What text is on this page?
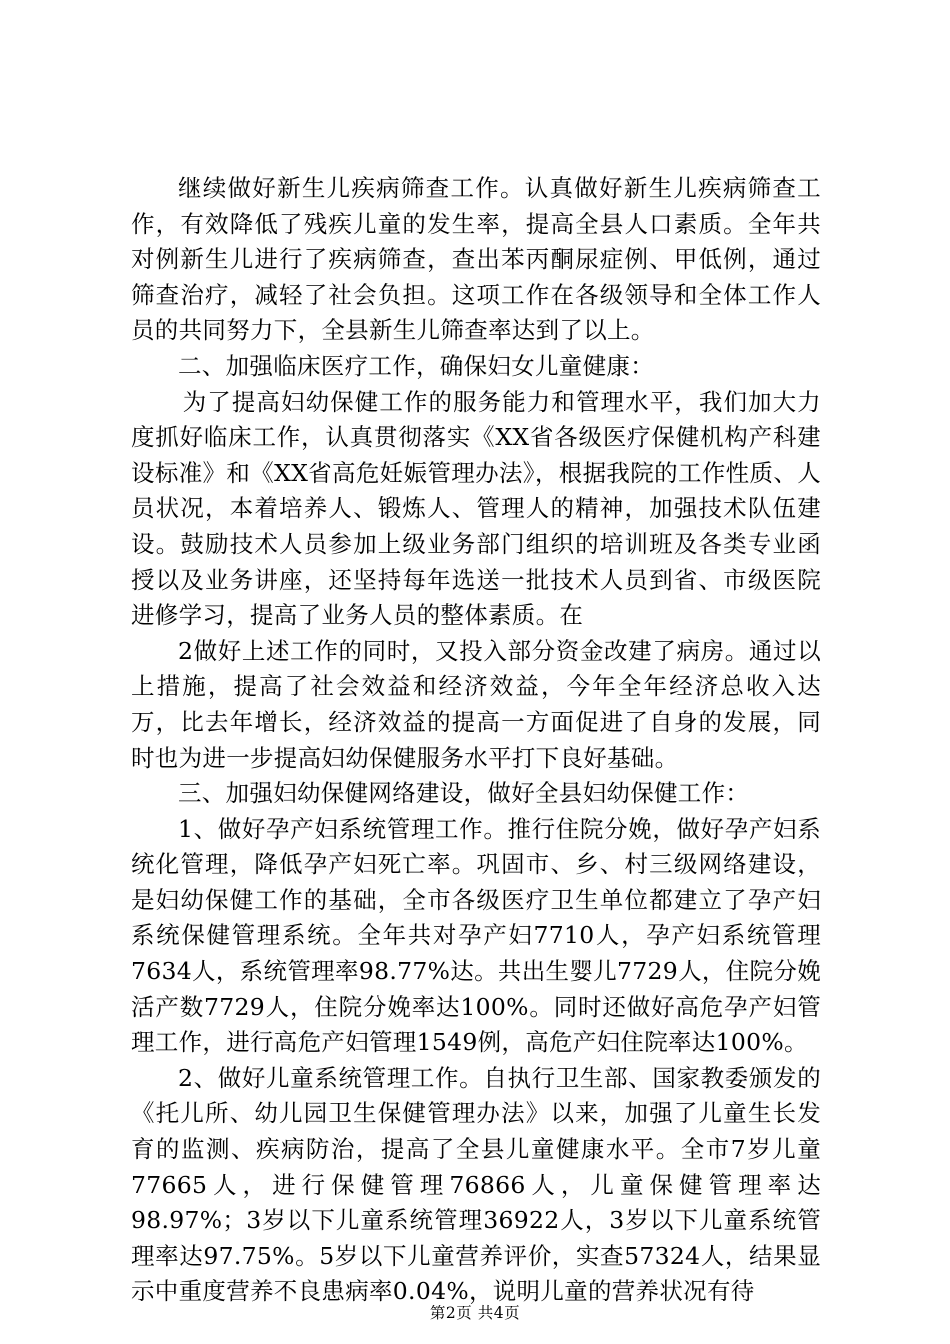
继续做好新生儿疾病筛查工作。认真做好新生儿疾病筛查工作，有效降低了残疾儿童的发生率，提高全县人口素质。全年共对例新生儿进行了疾病筛查，查出苯丙酮尿症例、甲低例，通过筛查治疗，减轻了社会负担。这项工作在各级领导和全体工作人员的共同努力下，全县新生儿筛查率达到了以上。

二、加强临床医疗工作，确保妇女儿童健康：

为了提高妇幼保健工作的服务能力和管理水平，我们加大力度抓好临床工作，认真贯彻落实《XX省各级医疗保健机构产科建设标准》和《XX省高危妊娠管理办法》，根据我院的工作性质、人员状况，本着培养人、锻炼人、管理人的精神，加强技术队伍建设。鼓励技术人员参加上级业务部门组织的培训班及各类专业函授以及业务讲座，还坚持每年选送一批技术人员到省、市级医院进修学习，提高了业务人员的整体素质。在

2做好上述工作的同时，又投入部分资金改建了病房。通过以上措施，提高了社会效益和经济效益，今年全年经济总收入达万，比去年增长，经济效益的提高一方面促进了自身的发展，同时也为进一步提高妇幼保健服务水平打下良好基础。

三、加强妇幼保健网络建设，做好全县妇幼保健工作：

1、做好孕产妇系统管理工作。推行住院分娩，做好孕产妇系统化管理，降低孕产妇死亡率。巩固市、乡、村三级网络建设，是妇幼保健工作的基础，全市各级医疗卫生单位都建立了孕产妇系统保健管理系统。全年共对孕产妇7710人，孕产妇系统管理7634人，系统管理率98.77%达。共出生婴儿7729人，住院分娩活产数7729人，住院分娩率达100%。同时还做好高危孕产妇管理工作，进行高危产妇管理1549例，高危产妇住院率达100%。

2、做好儿童系统管理工作。自执行卫生部、国家教委颁发的《托儿所、幼儿园卫生保健管理办法》以来，加强了儿童生长发育的监测、疾病防治，提高了全县儿童健康水平。全市7岁儿童77665人，进行保健管理76866人，儿童保健管理率达98.97%；3岁以下儿童系统管理36922人，3岁以下儿童系统管理率达97.75%。5岁以下儿童营养评价，实查57324人，结果显示中重度营养不良患病率0.04%，说明儿童的营养状况有待

第2页 共4页
